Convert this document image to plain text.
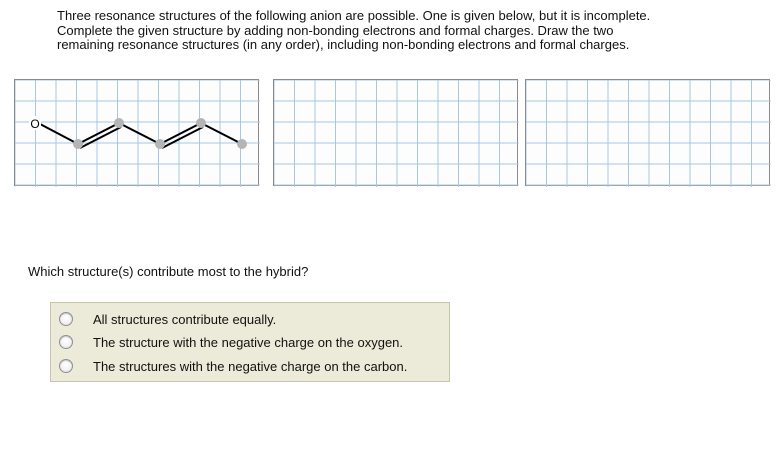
Three resonance structures of the following anion are possible. One is given below, but it is incomplete.
Complete the given structure by adding non-bonding electrons and formal charges. Draw the two
remaining resonance structures (in any order), including non-bonding electrons and formal charges.
O

Which structure(s) contribute most to the hybrid?

All structures contribute equally.
The structure with the negative charge on the oxygen.
The structures with the negative charge on the carbon.
